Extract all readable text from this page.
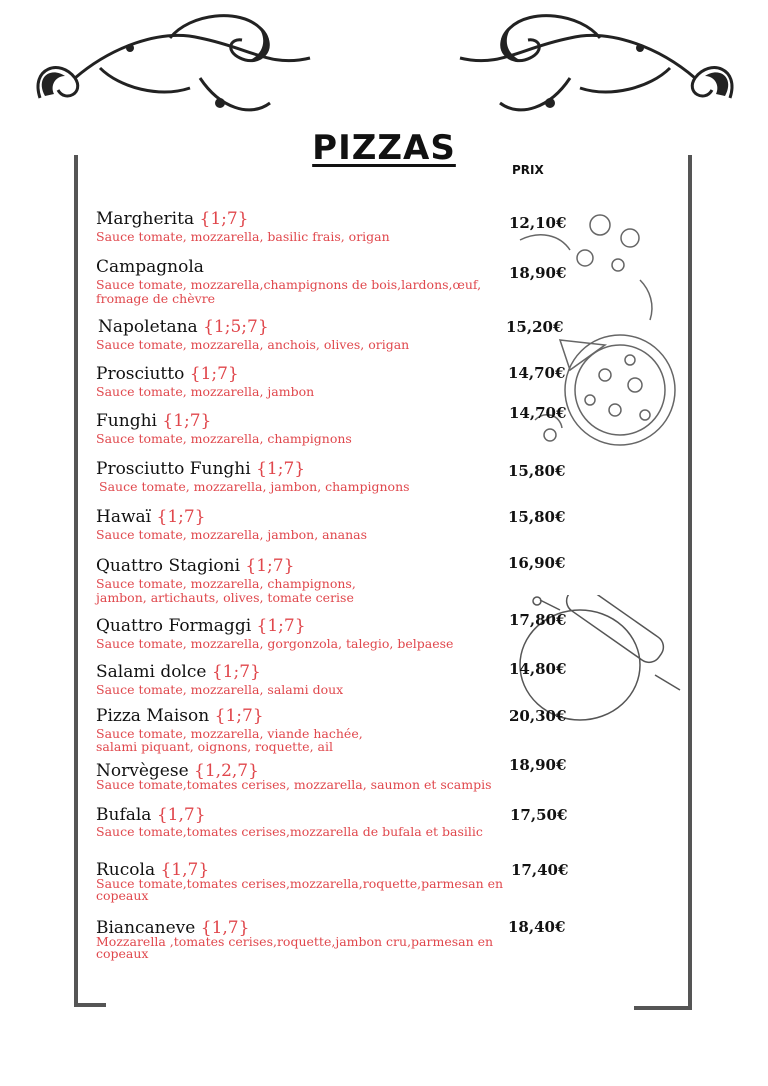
PIZZAS
PRIX
Margherita {1;7}
Sauce tomate, mozzarella, basilic frais, origan
12,10€
Campagnola
Sauce tomate, mozzarella,champignons de bois,lardons,œuf, fromage de chèvre
18,90€
Napoletana {1;5;7}
Sauce tomate, mozzarella, anchois, olives, origan
15,20€
Prosciutto {1;7}
Sauce tomate, mozzarella, jambon
14,70€
Funghi {1;7}
Sauce tomate, mozzarella, champignons
14,70€
Prosciutto Funghi {1;7}
Sauce tomate, mozzarella, jambon, champignons
15,80€
Hawaï {1;7}
Sauce tomate, mozzarella, jambon, ananas
15,80€
Quattro Stagioni {1;7}
Sauce tomate, mozzarella, champignons, jambon, artichauts, olives, tomate cerise
16,90€
Quattro Formaggi {1;7}
Sauce tomate, mozzarella, gorgonzola, talegio, belpaese
17,80€
Salami dolce {1;7}
Sauce tomate, mozzarella, salami doux
14,80€
Pizza Maison {1;7}
Sauce tomate, mozzarella, viande hachée, salami piquant, oignons, roquette, ail
20,30€
Norvègese {1,2,7}
Sauce tomate,tomates cerises, mozzarella, saumon et scampis
18,90€
Bufala {1,7}
Sauce tomate,tomates cerises,mozzarella de bufala et basilic
17,50€
Rucola {1,7}
Sauce tomate,tomates cerises,mozzarella,roquette,parmesan en copeaux
17,40€
Biancaneve {1,7}
Mozzarella ,tomates cerises,roquette,jambon cru,parmesan en copeaux
18,40€
